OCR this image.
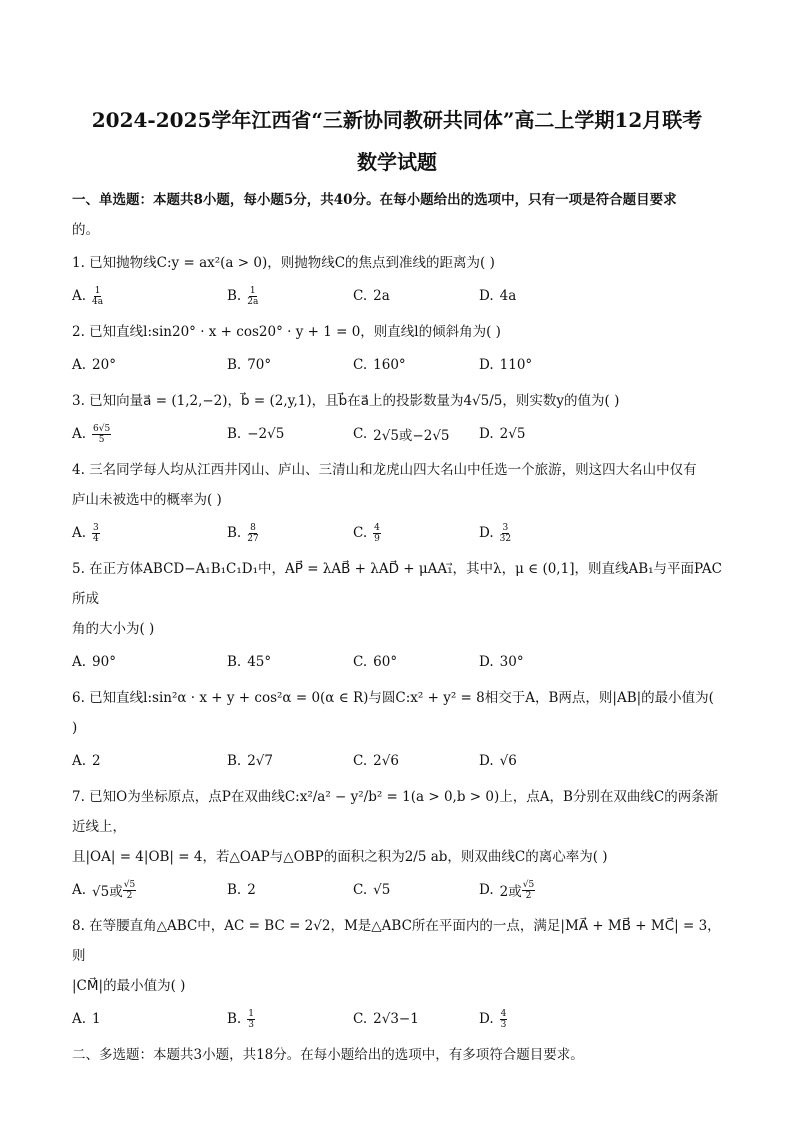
2024-2025学年江西省“三新协同教研共同体”高二上学期12月联考
数学试题
一、单选题：本题共8小题，每小题5分，共40分。在每小题给出的选项中，只有一项是符合题目要求
的。
1. 已知抛物线C:y = ax²(a > 0)，则抛物线C的焦点到准线的距离为( )
A. $\frac{1}{4a}$	B. $\frac{1}{2a}$	C. 2a	D. 4a
2. 已知直线l:sin20° · x + cos20° · y + 1 = 0，则直线l的倾斜角为( )
A. 20°	B. 70°	C. 160°	D. 110°
3. 已知向量a⃗ = (1,2,−2)，b⃗ = (2,y,1)，且b⃗在a⃗上的投影数量为4√5/5，则实数y的值为( )
A. $\frac{6√5}{5}$	B. −2√5	C. 2√5或−2√5 D. 2√5
4. 三名同学每人均从江西井冈山、庐山、三清山和龙虎山四大名山中任选一个旅游，则这四大名山中仅有
庐山未被选中的概率为( )
A. $\frac{3}{4}$	B. $\frac{8}{27}$	C. $\frac{4}{9}$	D. $\frac{3}{32}$
5. 在正方体ABCD−A₁B₁C₁D₁中，AP⃗ = λAB⃗ + λAD⃗ + μAA₁⃗，其中λ，μ ∈ (0,1]，则直线AB₁与平面PAC所成
角的大小为( )
A. 90°	B. 45°	C. 60°	D. 30°
6. 已知直线l:sin²α · x + y + cos²α = 0(α ∈ R)与圆C:x² + y² = 8相交于A，B两点，则|AB|的最小值为( )
A. 2	B. 2√7	C. 2√6	D. √6
7. 已知O为坐标原点，点P在双曲线C:x²/a² − y²/b² = 1(a > 0,b > 0)上，点A，B分别在双曲线C的两条渐近线上，
且|OA| = 4|OB| = 4，若△OAP与△OBP的面积之积为2/5 ab，则双曲线C的离心率为( )
A. √5或 $\frac{√5}{2}$	B. 2	C. √5	D. 2或 $\frac{√5}{2}$
8. 在等腰直角△ABC中，AC = BC = 2√2，M是△ABC所在平面内的一点，满足|MA⃗ + MB⃗ + MC⃗| = 3，则
|CM⃗|的最小值为( )
A. 1	B. $\frac{1}{3}$	C. 2√3−1	D. $\frac{4}{3}$
二、多选题：本题共3小题，共18分。在每小题给出的选项中，有多项符合题目要求。
